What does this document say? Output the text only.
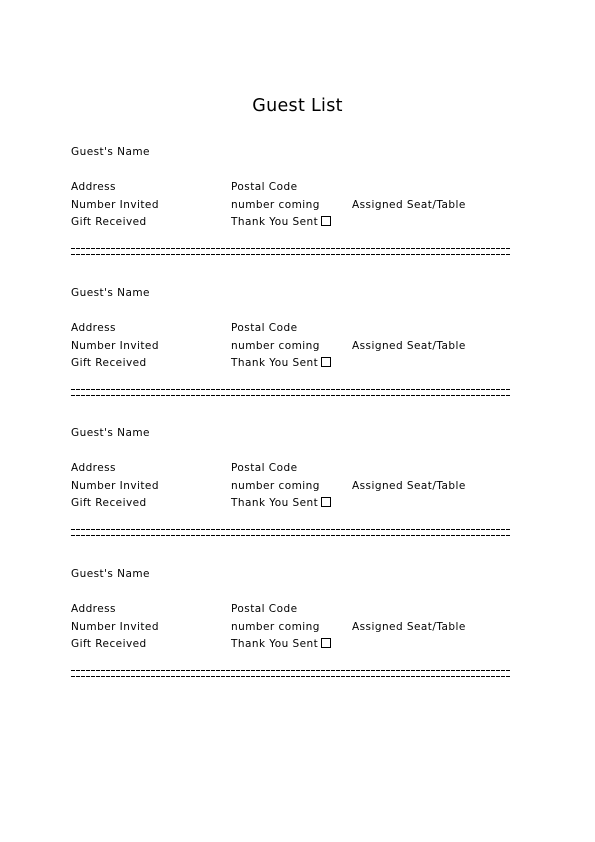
Guest List
Guest's Name
Address	Postal Code
Number Invited	number coming	Assigned Seat/Table
Gift Received	Thank You Sent
Guest's Name
Address	Postal Code
Number Invited	number coming	Assigned Seat/Table
Gift Received	Thank You Sent
Guest's Name
Address	Postal Code
Number Invited	number coming	Assigned Seat/Table
Gift Received	Thank You Sent
Guest's Name
Address	Postal Code
Number Invited	number coming	Assigned Seat/Table
Gift Received	Thank You Sent
